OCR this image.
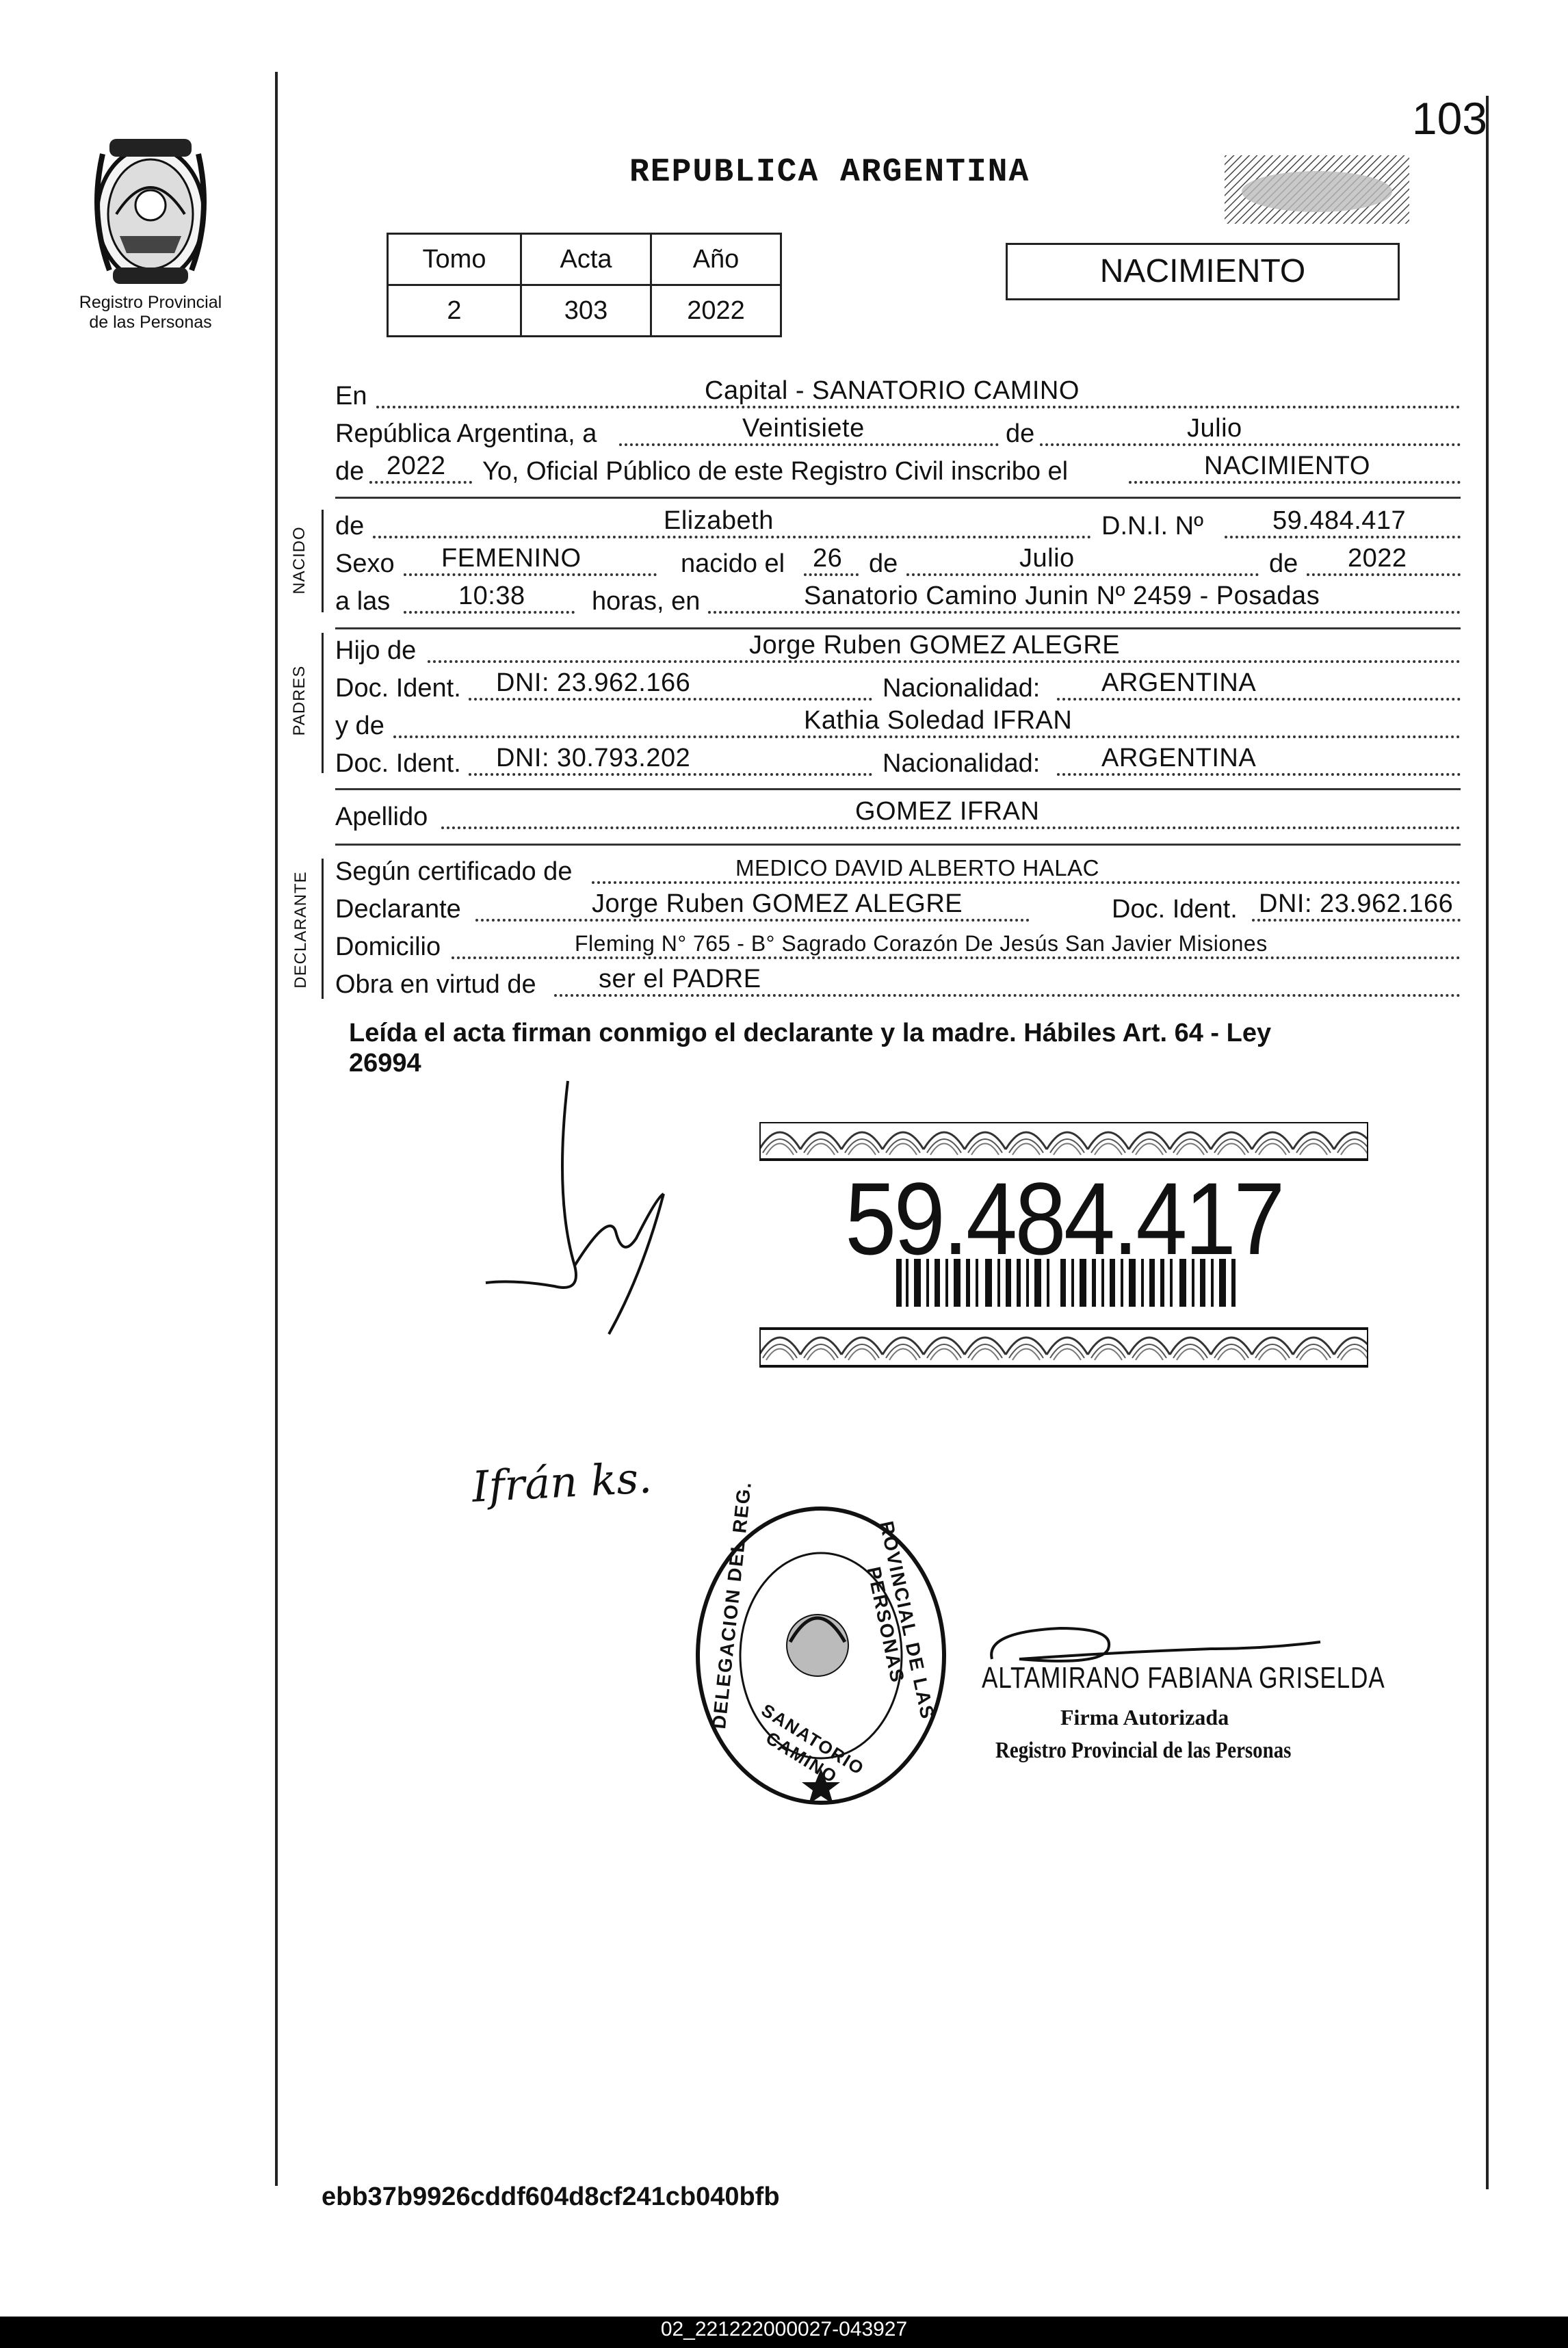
Registro Provincial
de las Personas
103
REPUBLICA ARGENTINA
Tomo	Acta	Año
2	303	2022
NACIMIENTO
En	Capital - SANATORIO CAMINO
República Argentina, a	Veintisiete	de	Julio
de 2022 Yo, Oficial Público de este Registro Civil inscribo el	NACIMIENTO
NACIDO
de	Elizabeth	D.N.I. Nº	59.484.417
Sexo FEMENINO	nacido el 26 de	Julio	de 2022
a las	10:38	horas, en	Sanatorio Camino Junin Nº 2459 - Posadas
PADRES
Hijo de	Jorge Ruben GOMEZ ALEGRE
Doc. Ident. DNI: 23.962.166	Nacionalidad: ARGENTINA
y de	Kathia Soledad IFRAN
Doc. Ident. DNI: 30.793.202	Nacionalidad: ARGENTINA
Apellido	GOMEZ IFRAN
DECLARANTE Según certificado de	MEDICO DAVID ALBERTO HALAC
Declarante	Jorge Ruben GOMEZ ALEGRE	Doc. Ident. DNI: 23.962.166
Domicilio	Fleming N° 765 - B° Sagrado Corazón De Jesús San Javier Misiones
Obra en virtud de ser el PADRE
Leída el acta firman conmigo el declarante y la madre. Hábiles Art. 64 - Ley
26994
59.484.417
Ifrán ks.	DELEGACION DEL REG.	ROVINCIAL DE LAS PERSONAS
SANATORIO CAMINO
ALTAMIRANO FABIANA GRISELDA
Firma Autorizada
Registro Provincial de las Personas
ebb37b9926cddf604d8cf241cb040bfb
02_221222000027-043927
